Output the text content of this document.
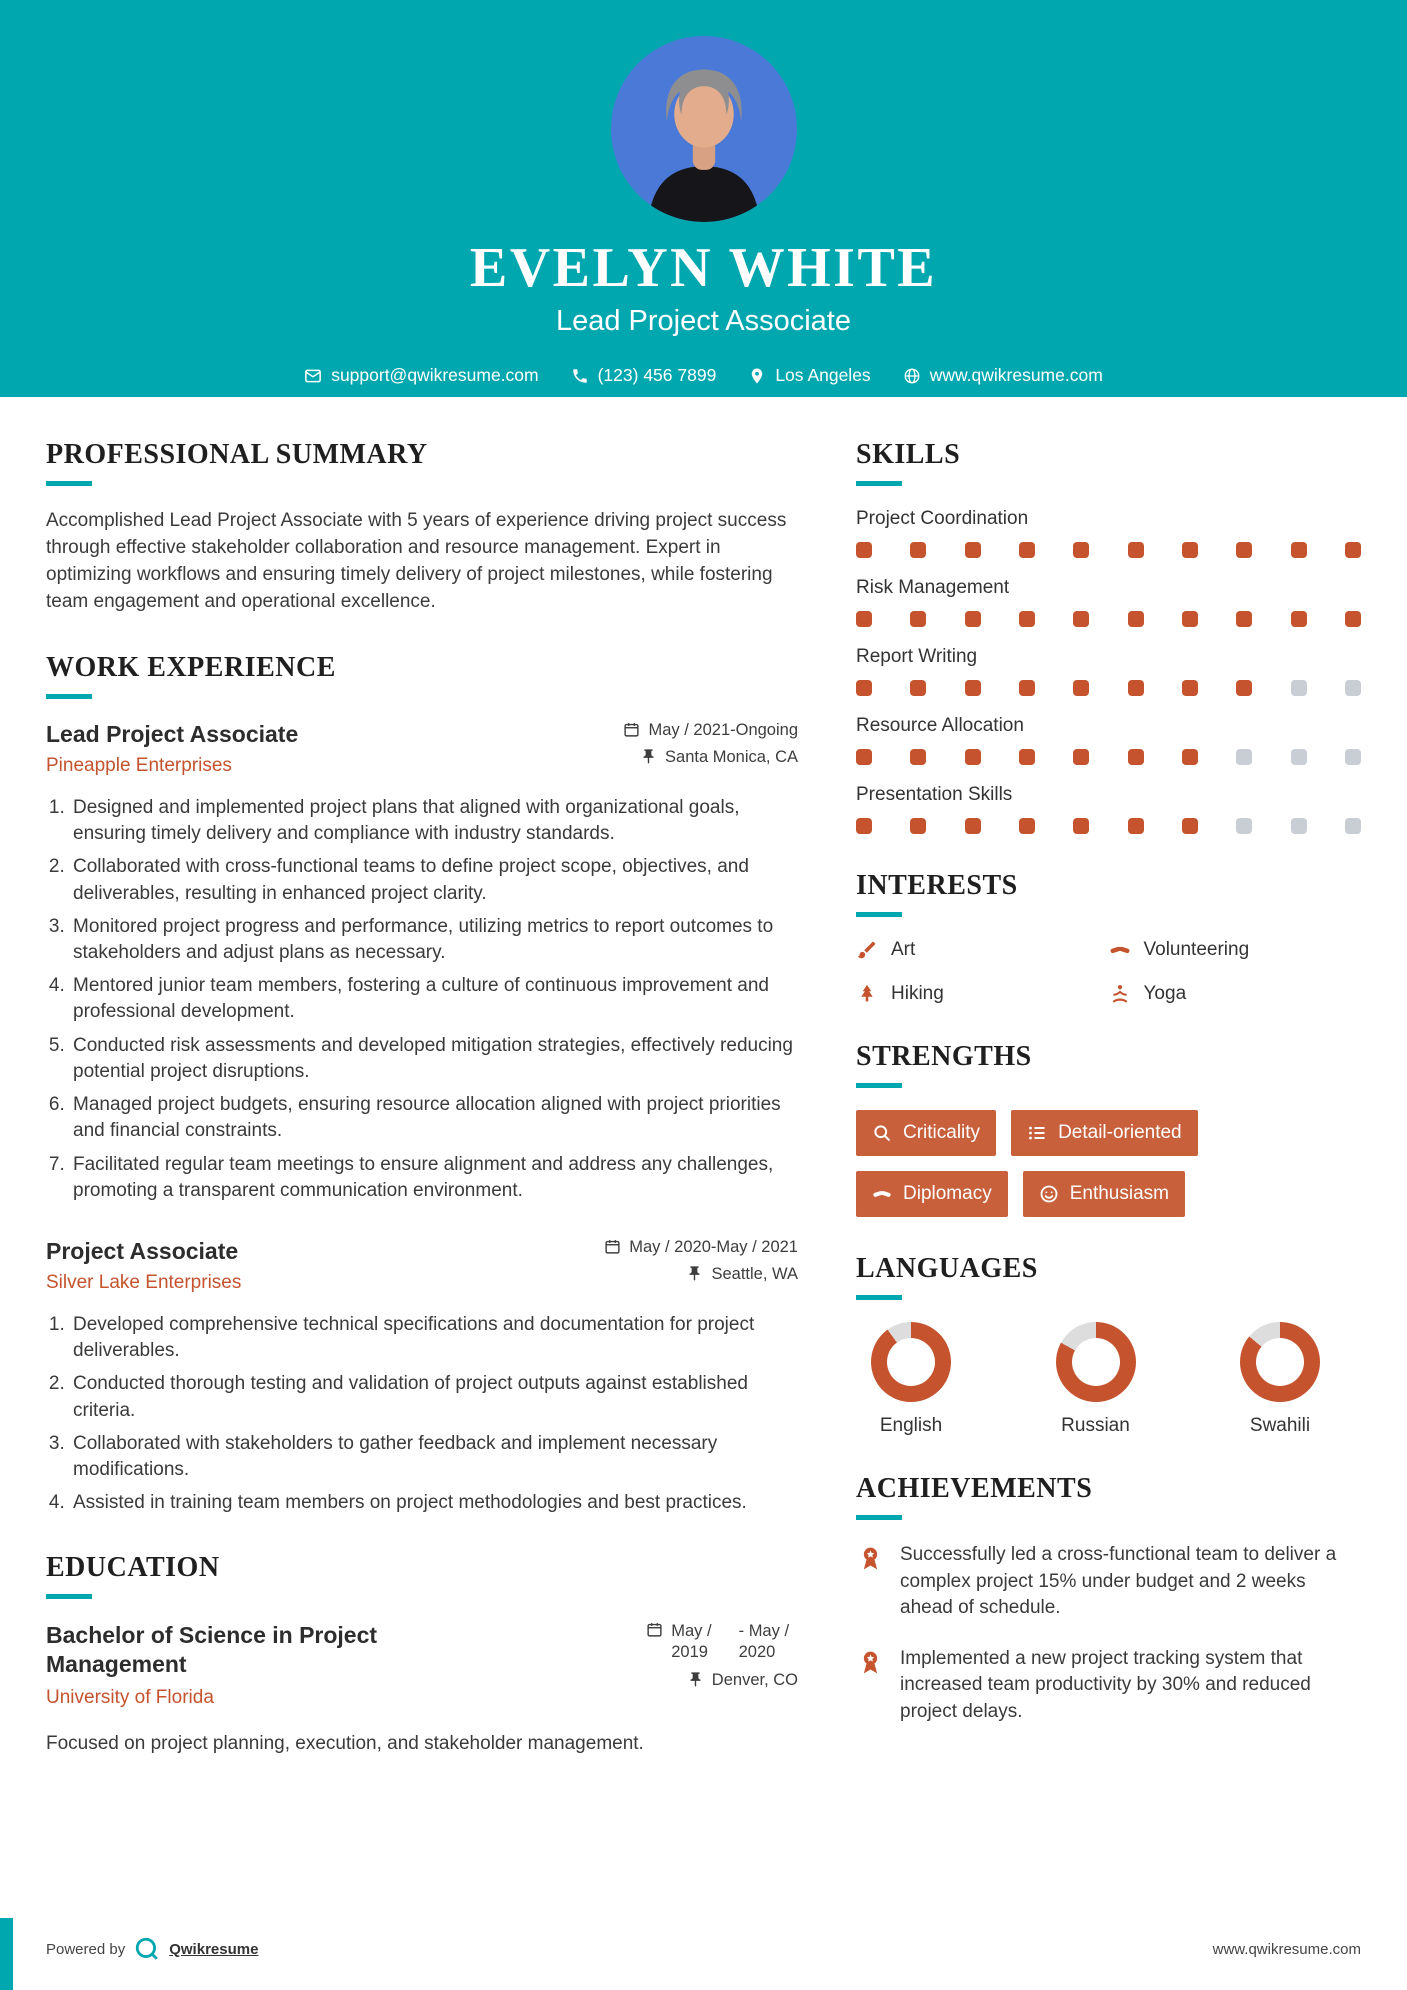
EVELYN WHITE
Lead Project Associate
support@qwikresume.com	(123) 456 7899	Los Angeles	www.qwikresume.com
PROFESSIONAL SUMMARY

Accomplished Lead Project Associate with 5 years of experience driving project success through effective stakeholder collaboration and resource management. Expert in optimizing workflows and ensuring timely delivery of project milestones, while fostering team engagement and operational excellence.

WORK EXPERIENCE
Lead Project Associate
Pineapple Enterprises
May / 2021-Ongoing
Santa Monica, CA
1. Designed and implemented project plans that aligned with organizational goals, ensuring timely delivery and compliance with industry standards.
2. Collaborated with cross-functional teams to define project scope, objectives, and deliverables, resulting in enhanced project clarity.
3. Monitored project progress and performance, utilizing metrics to report outcomes to stakeholders and adjust plans as necessary.
4. Mentored junior team members, fostering a culture of continuous improvement and professional development.
5. Conducted risk assessments and developed mitigation strategies, effectively reducing potential project disruptions.
6. Managed project budgets, ensuring resource allocation aligned with project priorities and financial constraints.
7. Facilitated regular team meetings to ensure alignment and address any challenges, promoting a transparent communication environment.
Project Associate
Silver Lake Enterprises
May / 2020-May / 2021
Seattle, WA
1. Developed comprehensive technical specifications and documentation for project deliverables.
2. Conducted thorough testing and validation of project outputs against established criteria.
3. Collaborated with stakeholders to gather feedback and implement necessary modifications.
4. Assisted in training team members on project methodologies and best practices.
EDUCATION
Bachelor of Science in Project Management
University of Florida
May / 2019
- May / 2020
Denver, CO

Focused on project planning, execution, and stakeholder management.

SKILLS
Project Coordination
Risk Management
Report Writing
Resource Allocation
Presentation Skills
INTERESTS
Art	Volunteering
Hiking	Yoga
STRENGTHS
Criticality	Detail-oriented
Diplomacy	Enthusiasm
LANGUAGES
English	Russian	Swahili
ACHIEVEMENTS
Successfully led a cross-functional team to deliver a complex project 15% under budget and 2 weeks ahead of schedule.
Implemented a new project tracking system that increased team productivity by 30% and reduced project delays.
Powered by	Qwikresume	www.qwikresume.com
